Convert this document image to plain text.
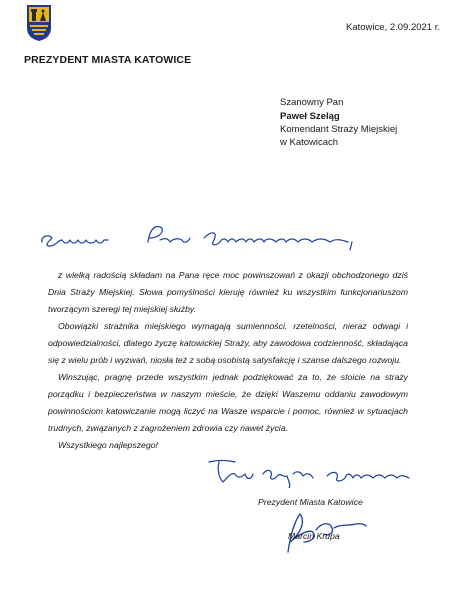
PREZYDENT MIASTA KATOWICE
Katowice, 2.09.2021 r.
Szanowny Pan
Paweł Szeląg
Komendant Straży Miejskiej
w Katowicach
z wielką radością składam na Pana ręce moc powinszowań z okazji obchodzonego dziś Dnia Straży Miejskiej. Słowa pomyślności kieruję również ku wszystkim funkcjonariuszom tworzącym szeregi tej miejskiej służby.
Obowiązki strażnika miejskiego wymagają sumienności, rzetelności, nieraz odwagi i odpowiedzialności, dlatego życzę katowickiej Straży, aby zawodowa codzienność, składająca się z wielu prób i wyzwań, niosła też z sobą osobistą satysfakcję i szanse dalszego rozwoju.
Winszując, pragnę przede wszystkim jednak podziękować za to, że stoicie na straży porządku i bezpieczeństwa w naszym mieście, że dzięki Waszemu oddaniu zawodowym powinnościom katowiczanie mogą liczyć na Wasze wsparcie i pomoc, również w sytuacjach trudnych, związanych z zagrożeniem zdrowia czy nawet życia.
Wszystkiego najlepszego!
Prezydent Miasta Katowice
Marcin Krupa
